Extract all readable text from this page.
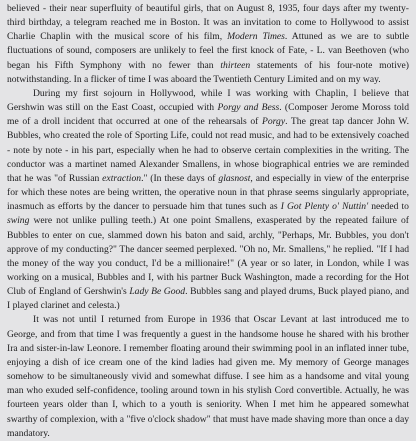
believed - their near superfluity of beautiful girls, that on August 8, 1935, four days after my twenty-third birthday, a telegram reached me in Boston. It was an invitation to come to Hollywood to assist Charlie Chaplin with the musical score of his film, Modern Times. Attuned as we are to subtle fluctuations of sound, composers are unlikely to feel the first knock of Fate, - L. van Beethoven (who began his Fifth Symphony with no fewer than thirteen statements of his four-note motive) notwithstanding. In a flicker of time I was aboard the Twentieth Century Limited and on my way.

During my first sojourn in Hollywood, while I was working with Chaplin, I believe that Gershwin was still on the East Coast, occupied with Porgy and Bess. (Composer Jerome Moross told me of a droll incident that occurred at one of the rehearsals of Porgy. The great tap dancer John W. Bubbles, who created the role of Sporting Life, could not read music, and had to be extensively coached - note by note - in his part, especially when he had to observe certain complexities in the writing. The conductor was a martinet named Alexander Smallens, in whose biographical entries we are reminded that he was "of Russian extraction." (In these days of glasnost, and especially in view of the enterprise for which these notes are being written, the operative noun in that phrase seems singularly appropriate, inasmuch as efforts by the dancer to persuade him that tunes such as I Got Plenty o' Nuttin' needed to swing were not unlike pulling teeth.) At one point Smallens, exasperated by the repeated failure of Bubbles to enter on cue, slammed down his baton and said, archly, "Perhaps, Mr. Bubbles, you don't approve of my conducting?" The dancer seemed perplexed. "Oh no, Mr. Smallens," he replied. "If I had the money of the way you conduct, I'd be a millionaire!" (A year or so later, in London, while I was working on a musical, Bubbles and I, with his partner Buck Washington, made a recording for the Hot Club of England of Gershwin's Lady Be Good. Bubbles sang and played drums, Buck played piano, and I played clarinet and celesta.)

It was not until I returned from Europe in 1936 that Oscar Levant at last introduced me to George, and from that time I was frequently a guest in the handsome house he shared with his brother Ira and sister-in-law Leonore. I remember floating around their swimming pool in an inflated inner tube, enjoying a dish of ice cream one of the kind ladies had given me. My memory of George manages somehow to be simultaneously vivid and somewhat diffuse. I see him as a handsome and vital young man who exuded self-confidence, tooling around town in his stylish Cord convertible. Actually, he was fourteen years older than I, which to a youth is seniority. When I met him he appeared somewhat swarthy of complexion, with a "five o'clock shadow" that must have made shaving more than once a day mandatory.
